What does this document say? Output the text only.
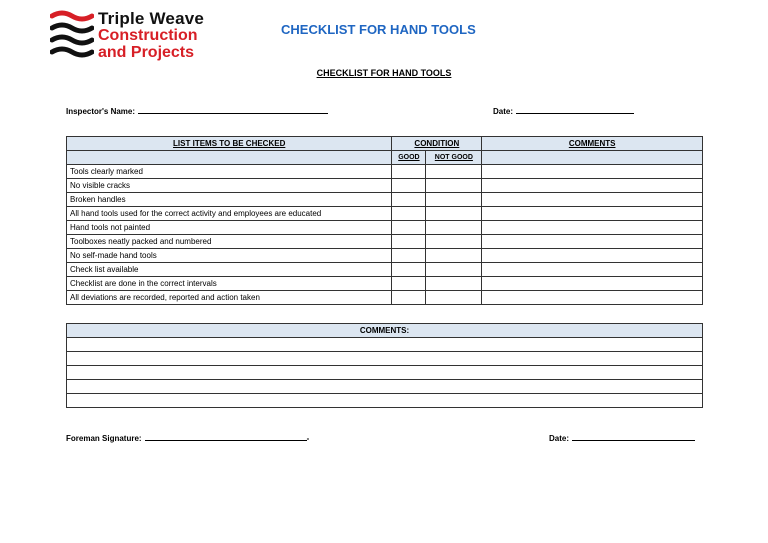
Triple Weave
Construction
and Projects
CHECKLIST FOR HAND TOOLS
CHECKLIST FOR HAND TOOLS
Inspector's Name:	Date:
LIST ITEMS TO BE CHECKED	CONDITION		COMMENTS
	GOOD	NOT GOOD	
Tools clearly marked			
No visible cracks			
Broken handles			
All hand tools used for the correct activity and employees are educated			
Hand tools not painted			
Toolboxes neatly packed and numbered			
No self-made hand tools			
Check list available			
Checklist are done in the correct intervals			
All deviations are recorded, reported and action taken			
COMMENTS:

Foreman Signature:	-	Date:
